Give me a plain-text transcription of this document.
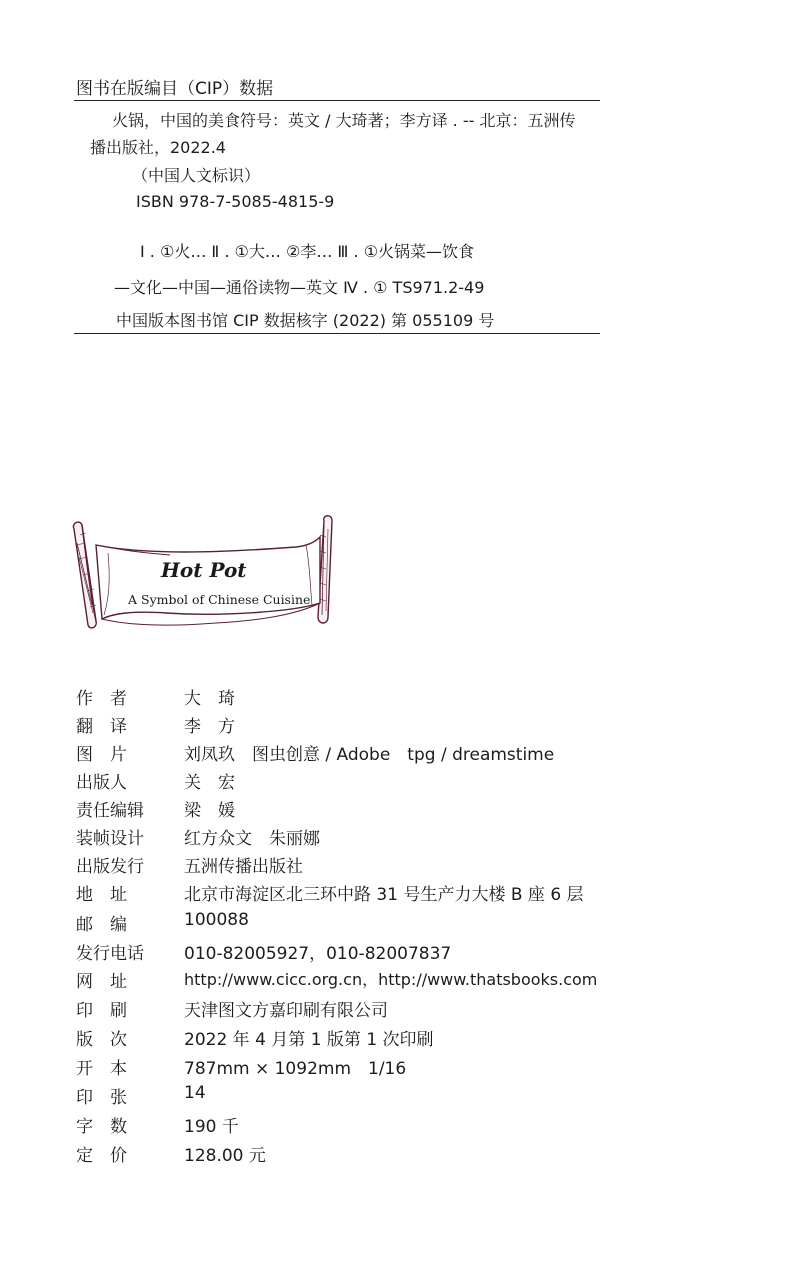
图书在版编目（CIP）数据
火锅，中国的美食符号：英文 / 大琦著；李方译 . -- 北京：五洲传
播出版社，2022.4
（中国人文标识）
ISBN 978-7-5085-4815-9
Ⅰ . ①火… Ⅱ . ①大… ②李… Ⅲ . ①火锅菜—饮食
—文化—中国—通俗读物—英文 Ⅳ . ① TS971.2-49
中国版本图书馆 CIP 数据核字 (2022) 第 055109 号
Hot Pot
A Symbol of Chinese Cuisine
作　者	大　琦
翻　译	李　方
图　片	刘凤玖　图虫创意 / Adobe　tpg / dreamstime
出版人	关　宏
责任编辑	梁　媛
装帧设计	红方众文　朱丽娜
出版发行	五洲传播出版社
地　址	北京市海淀区北三环中路 31 号生产力大楼 B 座 6 层
邮　编	100088
发行电话	010-82005927，010-82007837
网　址	http://www.cicc.org.cn，http://www.thatsbooks.com
印　刷	天津图文方嘉印刷有限公司
版　次	2022 年 4 月第 1 版第 1 次印刷
开　本	787mm × 1092mm　1/16
印　张	14
字　数	190 千
定　价	128.00 元
